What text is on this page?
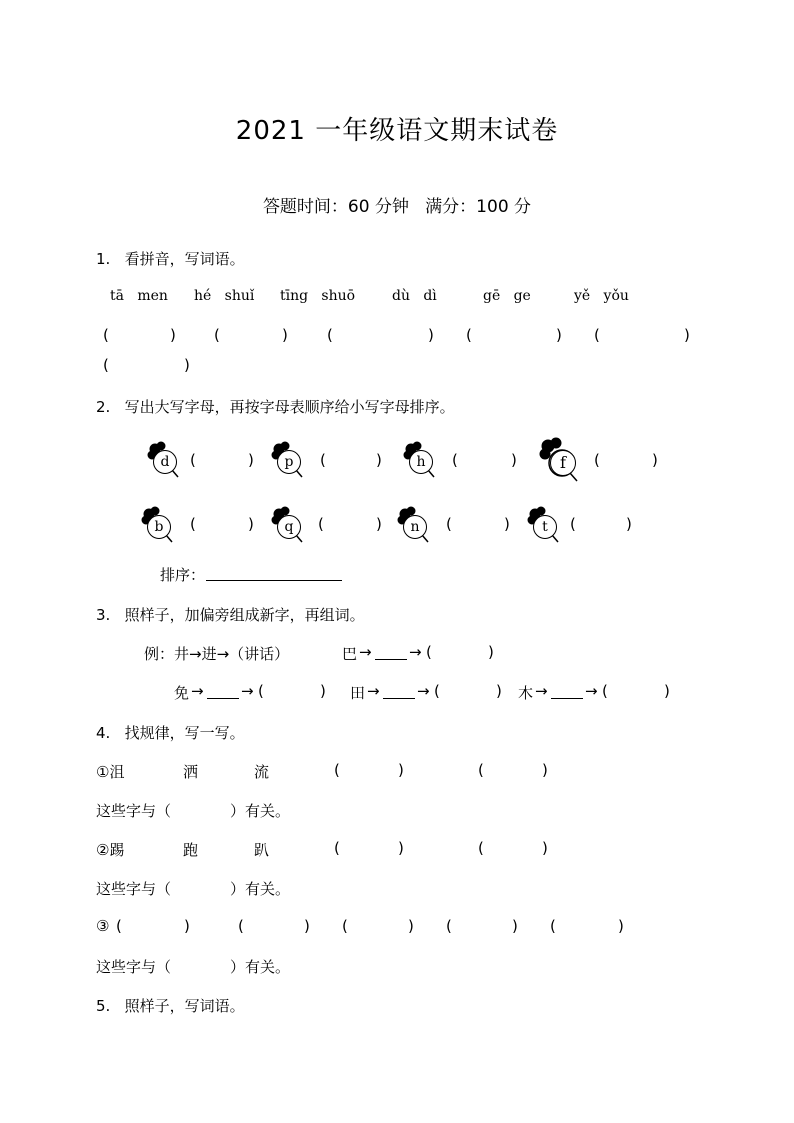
2021 一年级语文期末试卷
答题时间：60 分钟   满分：100 分
1.   看拼音，写词语。
tā   men hé   shuǐ tīng   shuō	dù   dì	gē   ge	yě   yǒu
(	)	(	)	(	) (	) (	)
(	)
2.   写出大写字母，再按字母表顺序给小写字母排序。
d	(	)	p	(	)	h	(	)	f	(	)
b	(	)	q	(	)	n	(	)	t	(	)
排序：
3.   照样子，加偏旁组成新字，再组词。
例：井→进→（讲话）	巴 → → (	)
免 → → (	) 田 → → (	) 木 → → (	)
4.   找规律，写一写。
①沮	洒	流	(	)	(	)
这些字与（	）有关。
②踢	跑	趴	(	)	(	)
这些字与（	）有关。
③ (	)	(	) (	) (	) (	)
这些字与（	）有关。
5.   照样子，写词语。
